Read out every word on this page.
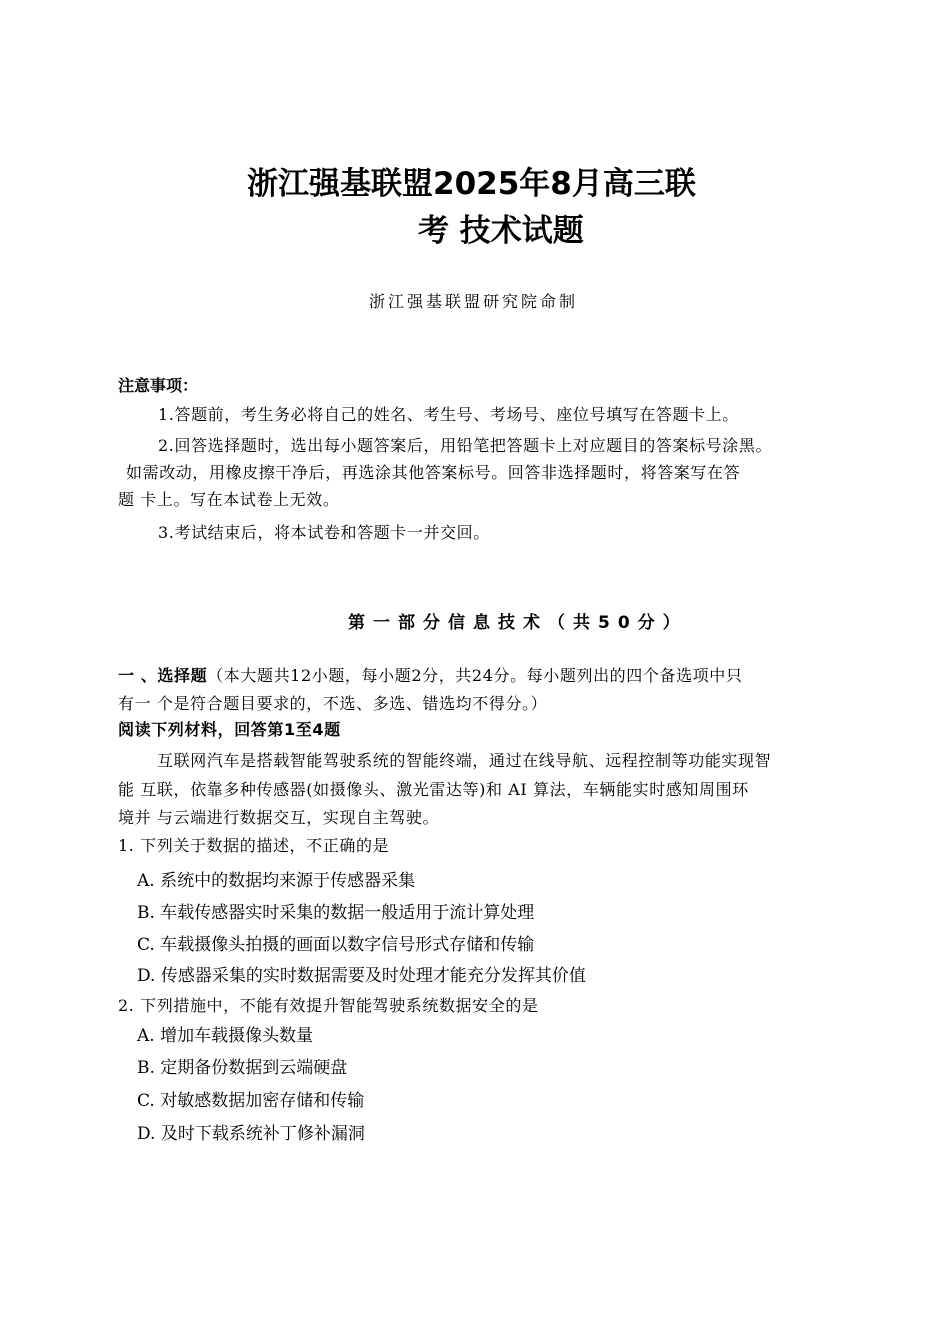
浙江强基联盟2025年8月高三联
考 技术试题
浙江强基联盟研究院命制
注意事项：
1.答题前，考生务必将自己的姓名、考生号、考场号、座位号填写在答题卡上。
2.回答选择题时，选出每小题答案后，用铅笔把答题卡上对应题目的答案标号涂黑。
如需改动，用橡皮擦干净后，再选涂其他答案标号。回答非选择题时，将答案写在答
题 卡上。写在本试卷上无效。
3.考试结束后，将本试卷和答题卡一并交回。
第一部分信息技术（共50分）
一 、选择题（本大题共12小题，每小题2分，共24分。每小题列出的四个备选项中只
有一 个是符合题目要求的，不选、多选、错选均不得分。）
阅读下列材料，回答第1至4题
互联网汽车是搭载智能驾驶系统的智能终端，通过在线导航、远程控制等功能实现智
能 互联，依靠多种传感器(如摄像头、激光雷达等)和 AI 算法，车辆能实时感知周围环
境并 与云端进行数据交互，实现自主驾驶。
1. 下列关于数据的描述，不正确的是
A. 系统中的数据均来源于传感器采集
B. 车载传感器实时采集的数据一般适用于流计算处理
C. 车载摄像头拍摄的画面以数字信号形式存储和传输
D. 传感器采集的实时数据需要及时处理才能充分发挥其价值
2. 下列措施中，不能有效提升智能驾驶系统数据安全的是
A. 增加车载摄像头数量
B. 定期备份数据到云端硬盘
C. 对敏感数据加密存储和传输
D. 及时下载系统补丁修补漏洞
